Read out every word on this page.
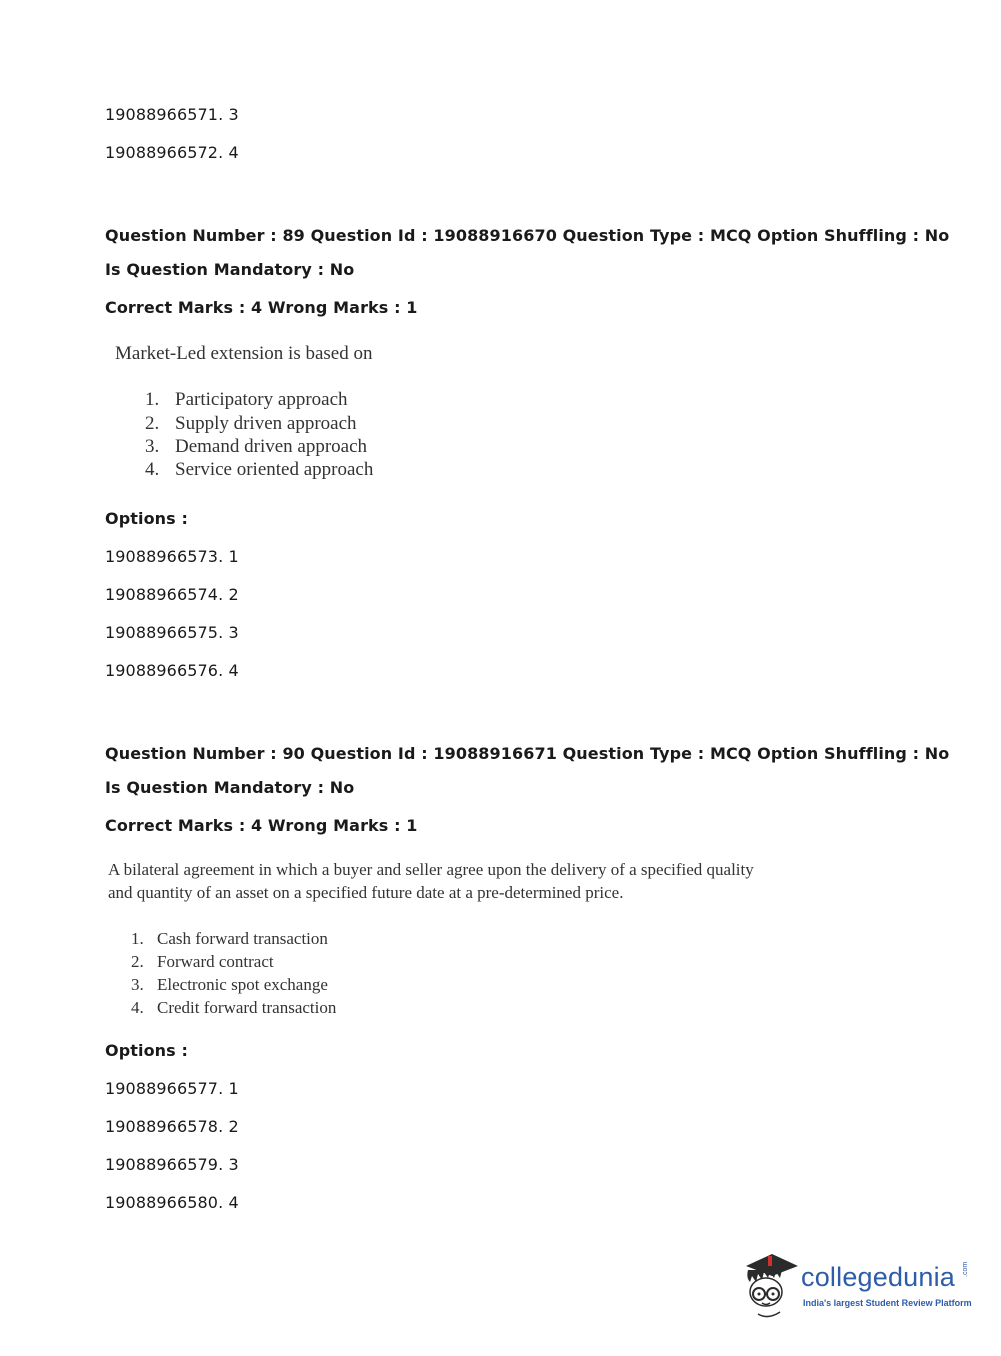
19088966571. 3
19088966572. 4
Question Number : 89 Question Id : 19088916670 Question Type : MCQ Option Shuffling : No
Is Question Mandatory : No
Correct Marks : 4 Wrong Marks : 1
Market-Led extension is based on
1. Participatory approach
2. Supply driven approach
3. Demand driven approach
4. Service oriented approach
Options :
19088966573. 1
19088966574. 2
19088966575. 3
19088966576. 4
Question Number : 90 Question Id : 19088916671 Question Type : MCQ Option Shuffling : No
Is Question Mandatory : No
Correct Marks : 4 Wrong Marks : 1
A bilateral agreement in which a buyer and seller agree upon the delivery of a specified quality
and quantity of an asset on a specified future date at a pre-determined price.
1. Cash forward transaction
2. Forward contract
3. Electronic spot exchange
4. Credit forward transaction
Options :
19088966577. 1
19088966578. 2
19088966579. 3
19088966580. 4
collegedunia .com
India's largest Student Review Platform
